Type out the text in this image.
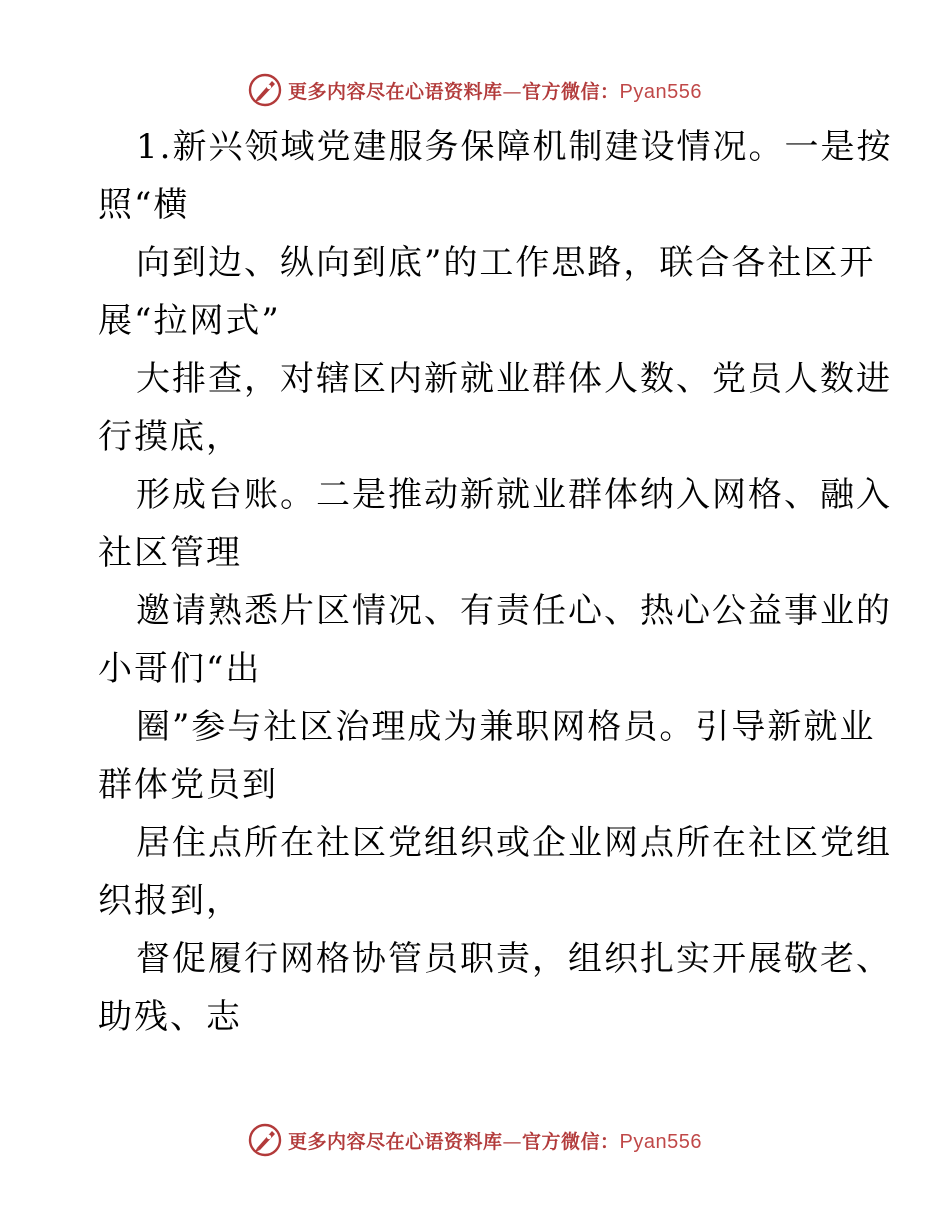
更多内容尽在心语资料库—官方微信：Pyan556
1.新兴领域党建服务保障机制建设情况。一是按
照“横
向到边、纵向到底”的工作思路，联合各社区开
展“拉网式”
大排查，对辖区内新就业群体人数、党员人数进
行摸底，
形成台账。二是推动新就业群体纳入网格、融入
社区管理
邀请熟悉片区情况、有责任心、热心公益事业的
小哥们“出
圈”参与社区治理成为兼职网格员。引导新就业
群体党员到
居住点所在社区党组织或企业网点所在社区党组
织报到，
督促履行网格协管员职责，组织扎实开展敬老、
助残、志
更多内容尽在心语资料库—官方微信：Pyan556
